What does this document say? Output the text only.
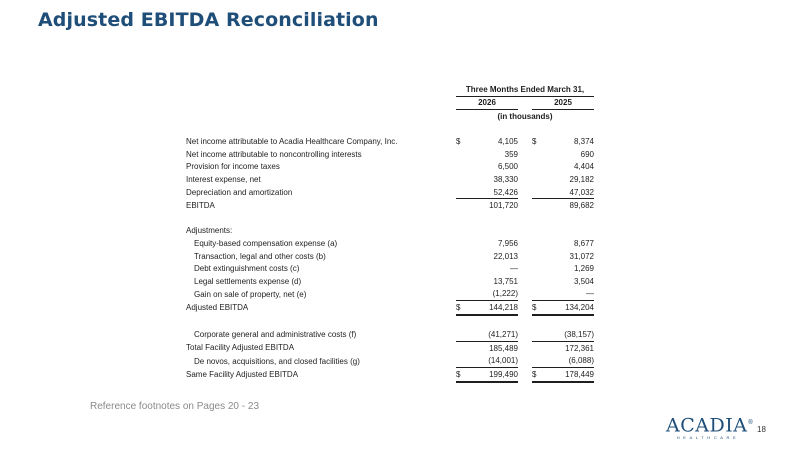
Adjusted EBITDA Reconciliation
	Three Months Ended March 31,				
	2026			2025	
	(in thousands)				

Net income attributable to Acadia Healthcare Company, Inc.	$	4,105		$	8,374
Net income attributable to noncontrolling interests		359			690
Provision for income taxes		6,500			4,404
Interest expense, net		38,330			29,182
Depreciation and amortization		52,426			47,032
EBITDA		101,720			89,682

Adjustments:					
Equity-based compensation expense (a)		7,956			8,677
Transaction, legal and other costs (b)		22,013			31,072
Debt extinguishment costs (c)		—			1,269
Legal settlements expense (d)		13,751			3,504
Gain on sale of property, net (e)		(1,222)			—
Adjusted EBITDA	$	144,218		$	134,204

Corporate general and administrative costs (f)		(41,271)			(38,157)
Total Facility Adjusted EBITDA		185,489			172,361
De novos, acquisitions, and closed facilities (g)		(14,001)			(6,088)
Same Facility Adjusted EBITDA	$	199,490		$	178,449
Reference footnotes on Pages 20 - 23
ACADIA®
HEALTHCARE
18
